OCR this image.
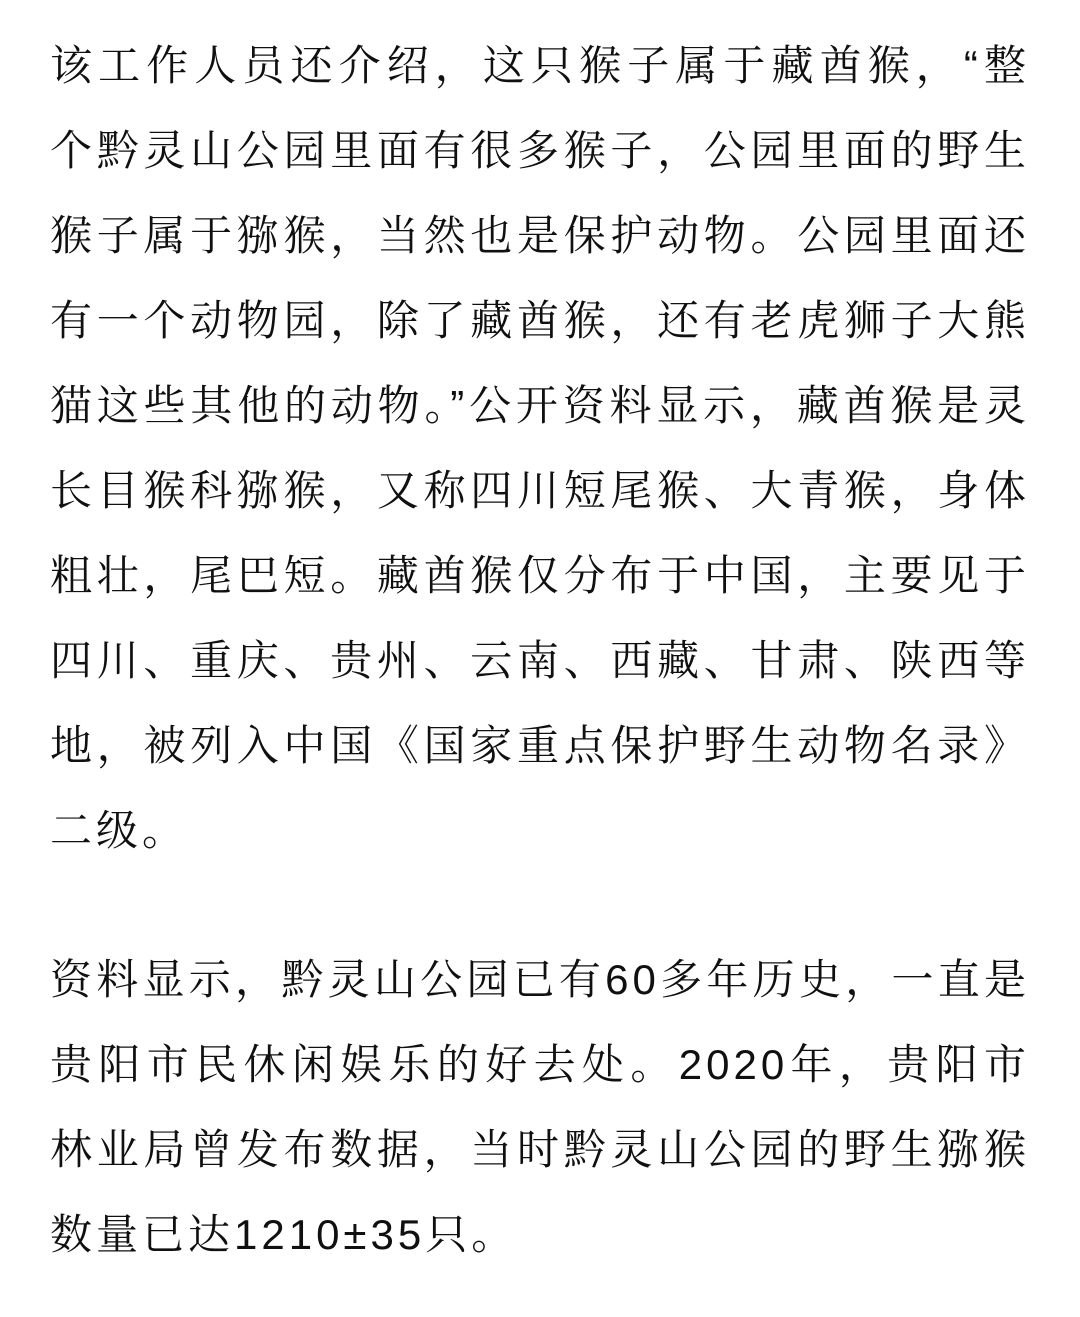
该工作人员还介绍，这只猴子属于藏酋猴，“整个黔灵山公园里面有很多猴子，公园里面的野生猴子属于猕猴，当然也是保护动物。公园里面还有一个动物园，除了藏酋猴，还有老虎狮子大熊猫这些其他的动物。”公开资料显示，藏酋猴是灵长目猴科猕猴，又称四川短尾猴、大青猴，身体粗壮，尾巴短。藏酋猴仅分布于中国，主要见于四川、重庆、贵州、云南、西藏、甘肃、陕西等地，被列入中国《国家重点保护野生动物名录》二级。

资料显示，黔灵山公园已有60多年历史，一直是贵阳市民休闲娱乐的好去处。2020年，贵阳市林业局曾发布数据，当时黔灵山公园的野生猕猴数量已达1210±35只。
